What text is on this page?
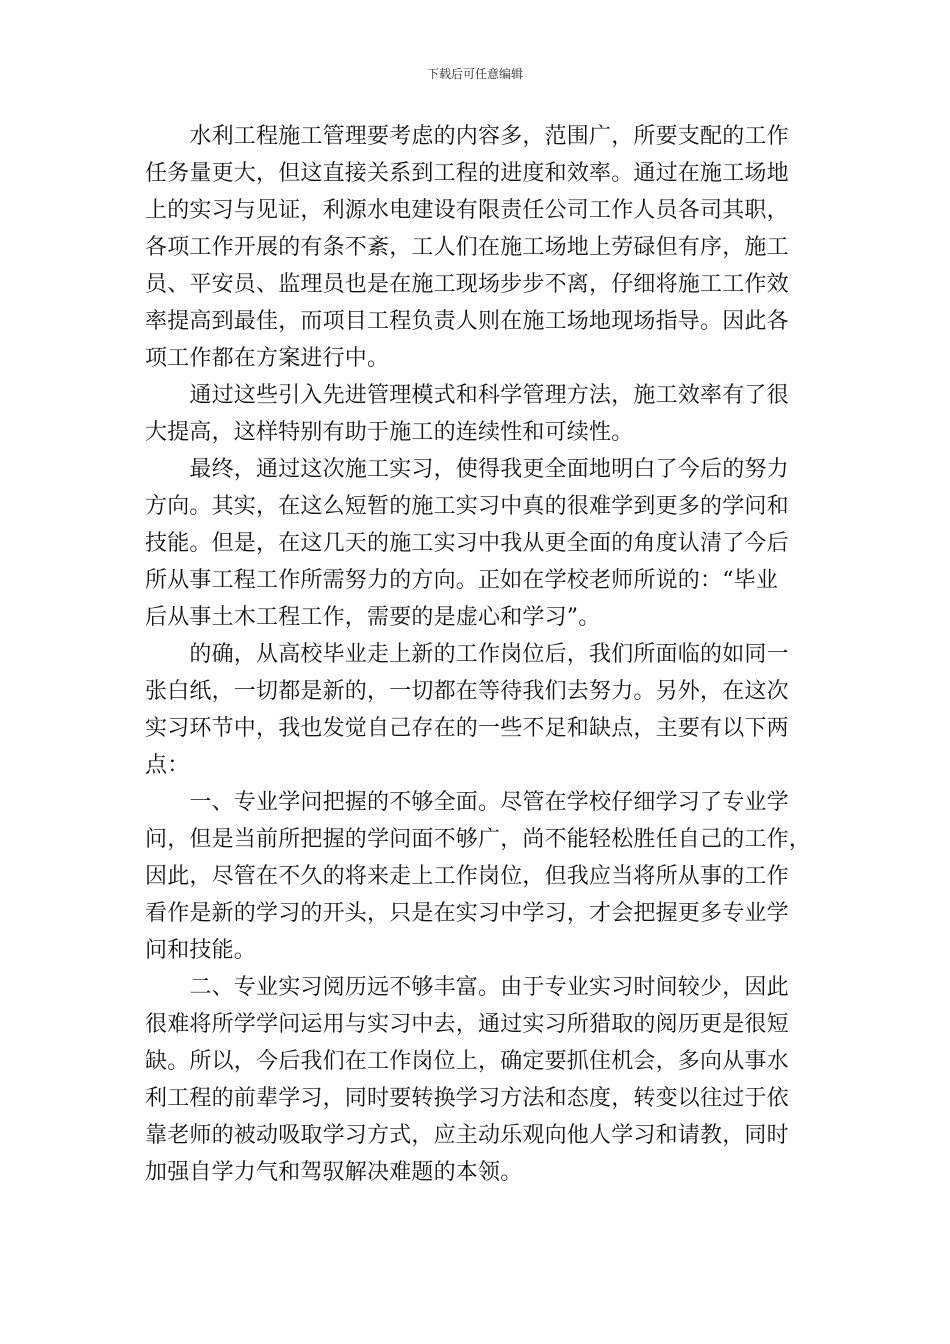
下载后可任意编辑
　　水利工程施工管理要考虑的内容多，范围广，所要支配的工作
任务量更大，但这直接关系到工程的进度和效率。通过在施工场地
上的实习与见证，利源水电建设有限责任公司工作人员各司其职，
各项工作开展的有条不紊，工人们在施工场地上劳碌但有序，施工
员、平安员、监理员也是在施工现场步步不离，仔细将施工工作效
率提高到最佳，而项目工程负责人则在施工场地现场指导。因此各
项工作都在方案进行中。
　　通过这些引入先进管理模式和科学管理方法，施工效率有了很
大提高，这样特别有助于施工的连续性和可续性。
　　最终，通过这次施工实习，使得我更全面地明白了今后的努力
方向。其实，在这么短暂的施工实习中真的很难学到更多的学问和
技能。但是，在这几天的施工实习中我从更全面的角度认清了今后
所从事工程工作所需努力的方向。正如在学校老师所说的：“毕业
后从事土木工程工作，需要的是虚心和学习”。
　　的确，从高校毕业走上新的工作岗位后，我们所面临的如同一
张白纸，一切都是新的，一切都在等待我们去努力。另外，在这次
实习环节中，我也发觉自己存在的一些不足和缺点，主要有以下两
点：
　　一、专业学问把握的不够全面。尽管在学校仔细学习了专业学
问，但是当前所把握的学问面不够广，尚不能轻松胜任自己的工作，
因此，尽管在不久的将来走上工作岗位，但我应当将所从事的工作
看作是新的学习的开头，只是在实习中学习，才会把握更多专业学
问和技能。
　　二、专业实习阅历远不够丰富。由于专业实习时间较少，因此
很难将所学学问运用与实习中去，通过实习所猎取的阅历更是很短
缺。所以，今后我们在工作岗位上，确定要抓住机会，多向从事水
利工程的前辈学习，同时要转换学习方法和态度，转变以往过于依
靠老师的被动吸取学习方式，应主动乐观向他人学习和请教，同时
加强自学力气和驾驭解决难题的本领。
